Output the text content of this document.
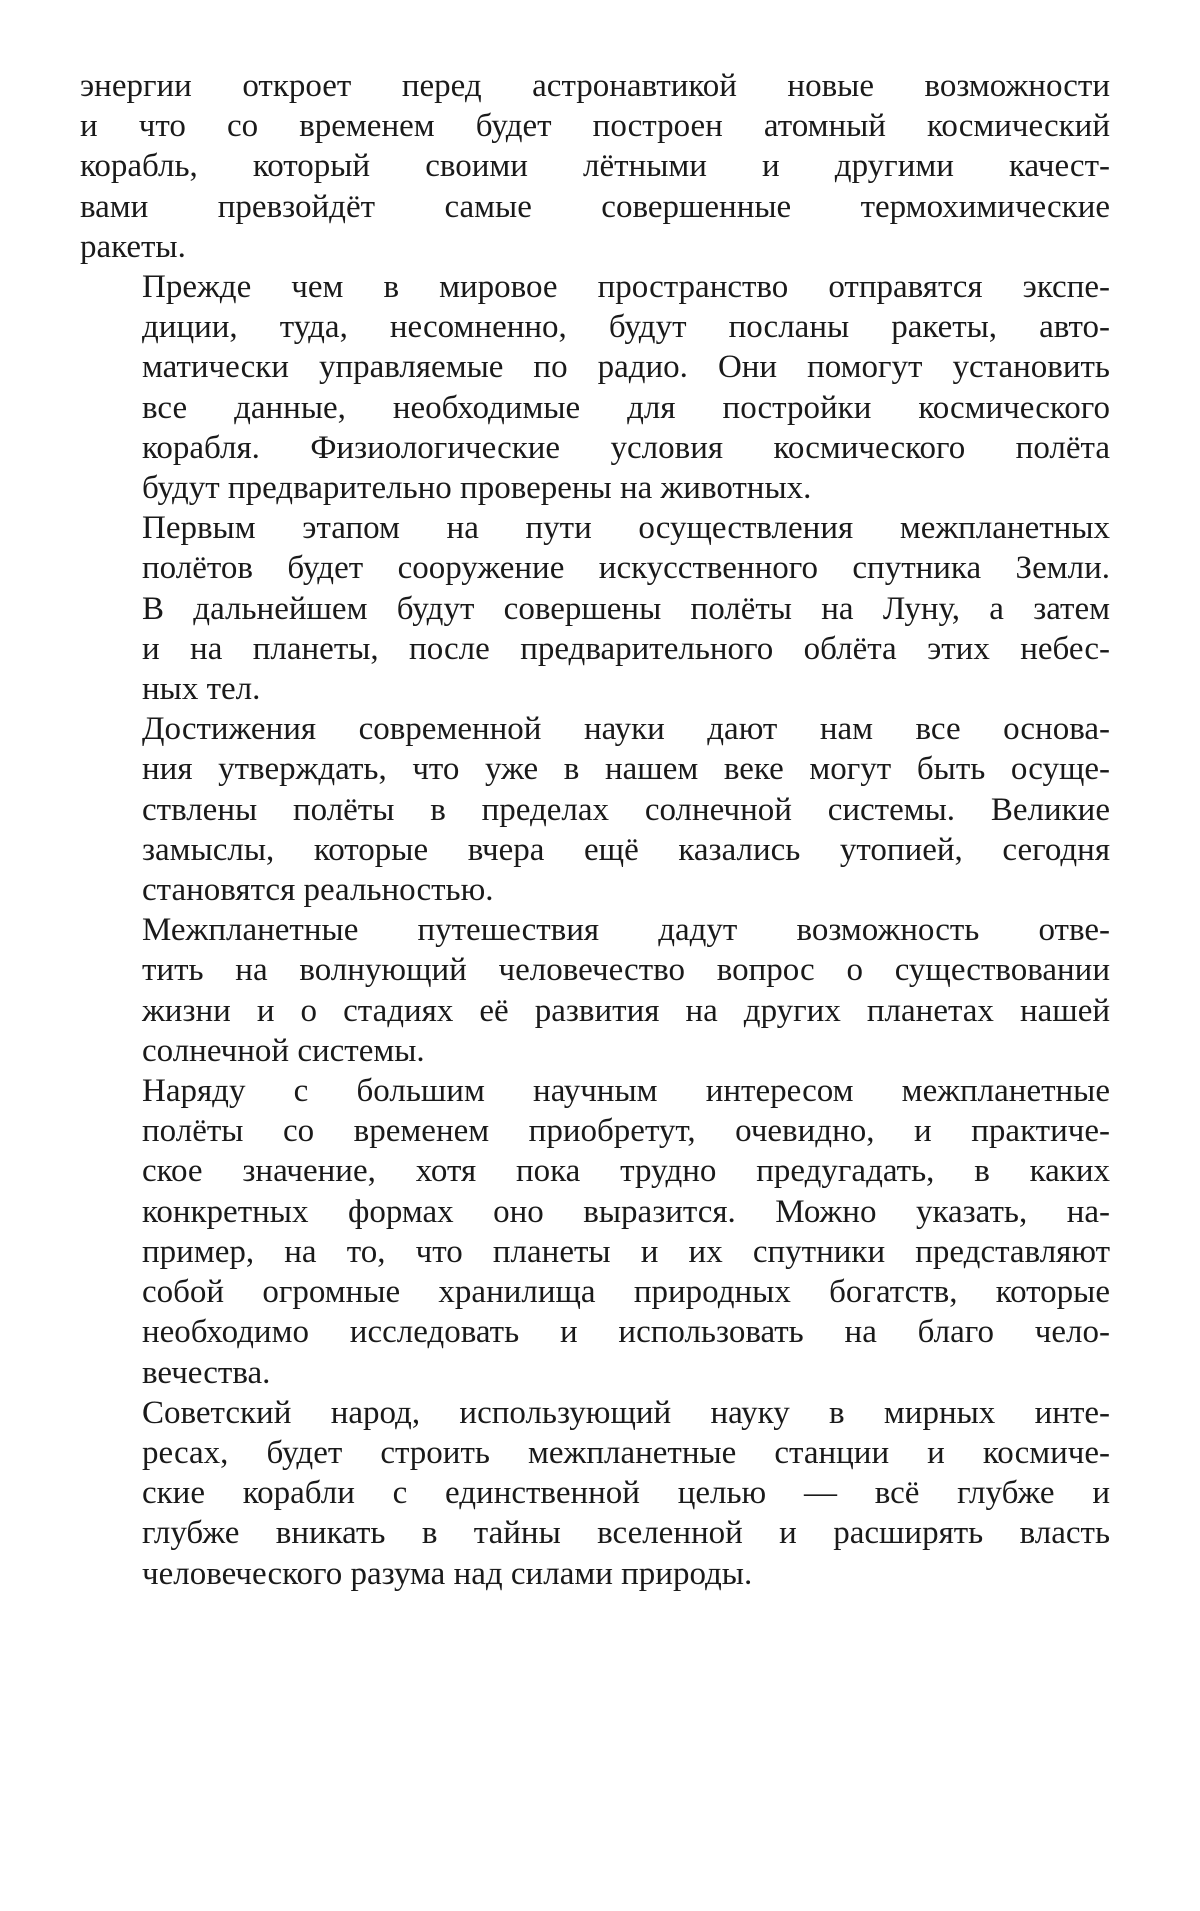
энергии откроет перед астронавтикой новые возможности
и что со временем будет построен атомный космический
корабль, который своими лётными и другими качест-
вами превзойдёт самые совершенные термохимические
ракеты.

Прежде чем в мировое пространство отправятся экспе-
диции, туда, несомненно, будут посланы ракеты, авто-
матически управляемые по радио. Они помогут установить
все данные, необходимые для постройки космического
корабля. Физиологические условия космического полёта
будут предварительно проверены на животных.

Первым этапом на пути осуществления межпланетных
полётов будет сооружение искусственного спутника Земли.
В дальнейшем будут совершены полёты на Луну, а затем
и на планеты, после предварительного облёта этих небес-
ных тел.

Достижения современной науки дают нам все основа-
ния утверждать, что уже в нашем веке могут быть осуще-
ствлены полёты в пределах солнечной системы. Великие
замыслы, которые вчера ещё казались утопией, сегодня
становятся реальностью.

Межпланетные путешествия дадут возможность отве-
тить на волнующий человечество вопрос о существовании
жизни и о стадиях её развития на других планетах нашей
солнечной системы.

Наряду с большим научным интересом межпланетные
полёты со временем приобретут, очевидно, и практиче-
ское значение, хотя пока трудно предугадать, в каких
конкретных формах оно выразится. Можно указать, на-
пример, на то, что планеты и их спутники представляют
собой огромные хранилища природных богатств, которые
необходимо исследовать и использовать на благо чело-
вечества.

Советский народ, использующий науку в мирных инте-
ресах, будет строить межпланетные станции и космиче-
ские корабли с единственной целью — всё глубже и
глубже вникать в тайны вселенной и расширять власть
человеческого разума над силами природы.
